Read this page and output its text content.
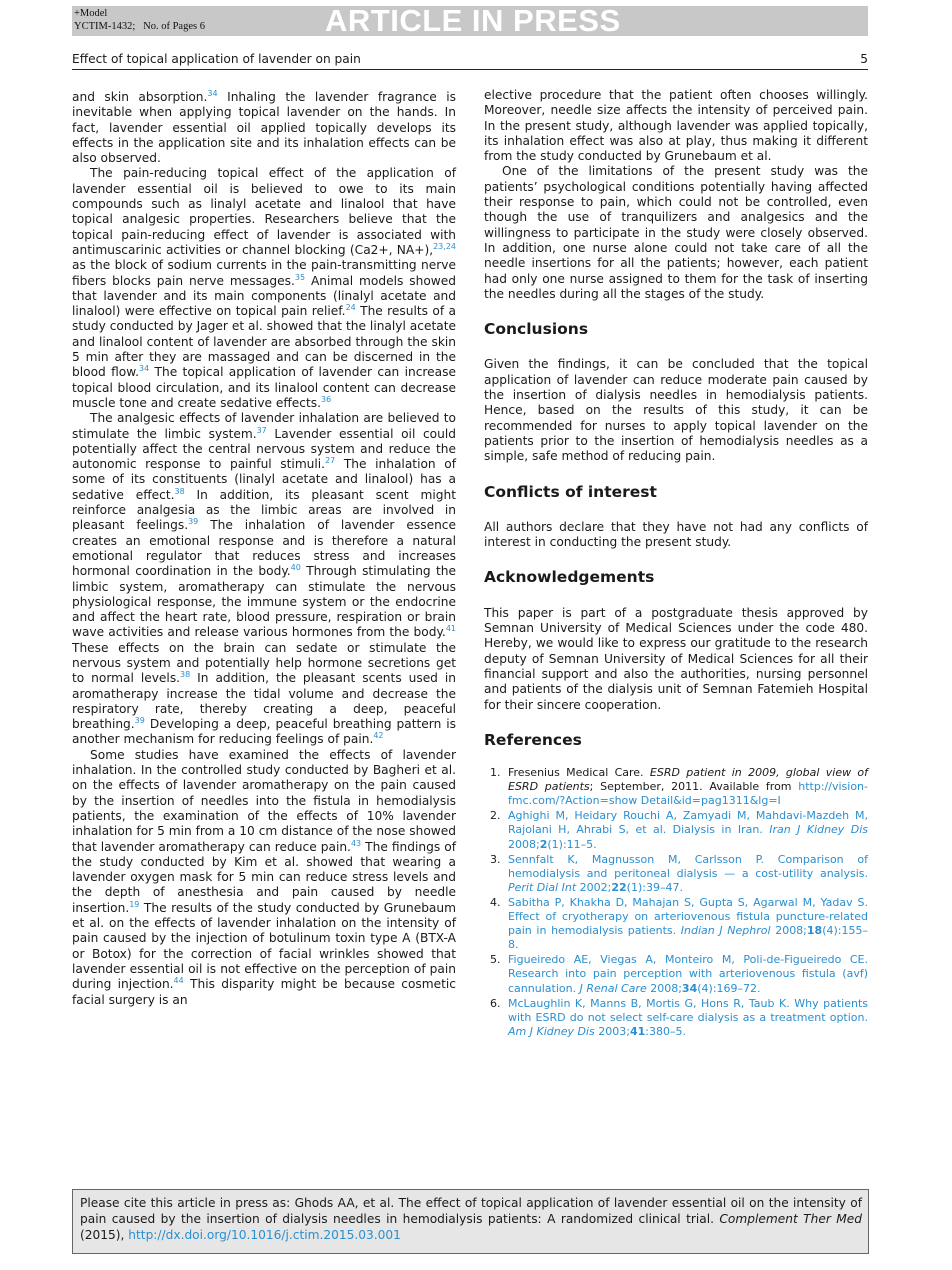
+Model
YCTIM-1432; No. of Pages 6	ARTICLE IN PRESS
Effect of topical application of lavender on pain	5

and skin absorption.$^{34}$ Inhaling the lavender fragrance is inevitable when applying topical lavender on the hands. In fact, lavender essential oil applied topically develops its effects in the application site and its inhalation effects can be also observed.

The pain-reducing topical effect of the application of lavender essential oil is believed to owe to its main compounds such as linalyl acetate and linalool that have topical analgesic properties. Researchers believe that the topical pain-reducing effect of lavender is associated with antimuscarinic activities or channel blocking (Ca2+, NA+),$^{23,24}$ as the block of sodium currents in the pain-transmitting nerve fibers blocks pain nerve messages.$^{35}$ Animal models showed that lavender and its main components (linalyl acetate and linalool) were effective on topical pain relief.$^{24}$ The results of a study conducted by Jager et al. showed that the linalyl acetate and linalool content of lavender are absorbed through the skin 5 min after they are massaged and can be discerned in the blood flow.$^{34}$ The topical application of lavender can increase topical blood circulation, and its linalool content can decrease muscle tone and create sedative effects.$^{36}$

The analgesic effects of lavender inhalation are believed to stimulate the limbic system.$^{37}$ Lavender essential oil could potentially affect the central nervous system and reduce the autonomic response to painful stimuli.$^{27}$ The inhalation of some of its constituents (linalyl acetate and linalool) has a sedative effect.$^{38}$ In addition, its pleasant scent might reinforce analgesia as the limbic areas are involved in pleasant feelings.$^{39}$ The inhalation of lavender essence creates an emotional response and is therefore a natural emotional regulator that reduces stress and increases hormonal coordination in the body.$^{40}$ Through stimulating the limbic system, aromatherapy can stimulate the nervous physiological response, the immune system or the endocrine and affect the heart rate, blood pressure, respiration or brain wave activities and release various hormones from the body.$^{41}$ These effects on the brain can sedate or stimulate the nervous system and potentially help hormone secretions get to normal levels.$^{38}$ In addition, the pleasant scents used in aromatherapy increase the tidal volume and decrease the respiratory rate, thereby creating a deep, peaceful breathing.$^{39}$ Developing a deep, peaceful breathing pattern is another mechanism for reducing feelings of pain.$^{42}$

Some studies have examined the effects of lavender inhalation. In the controlled study conducted by Bagheri et al. on the effects of lavender aromatherapy on the pain caused by the insertion of needles into the fistula in hemodialysis patients, the examination of the effects of 10% lavender inhalation for 5 min from a 10 cm distance of the nose showed that lavender aromatherapy can reduce pain.$^{43}$ The findings of the study conducted by Kim et al. showed that wearing a lavender oxygen mask for 5 min can reduce stress levels and the depth of anesthesia and pain caused by needle insertion.$^{19}$ The results of the study conducted by Grunebaum et al. on the effects of lavender inhalation on the intensity of pain caused by the injection of botulinum toxin type A (BTX-A or Botox) for the correction of facial wrinkles showed that lavender essential oil is not effective on the perception of pain during injection.$^{44}$ This disparity might be because cosmetic facial surgery is an

elective procedure that the patient often chooses willingly. Moreover, needle size affects the intensity of perceived pain. In the present study, although lavender was applied topically, its inhalation effect was also at play, thus making it different from the study conducted by Grunebaum et al.

One of the limitations of the present study was the patients’ psychological conditions potentially having affected their response to pain, which could not be controlled, even though the use of tranquilizers and analgesics and the willingness to participate in the study were closely observed. In addition, one nurse alone could not take care of all the needle insertions for all the patients; however, each patient had only one nurse assigned to them for the task of inserting the needles during all the stages of the study.

Conclusions

Given the findings, it can be concluded that the topical application of lavender can reduce moderate pain caused by the insertion of dialysis needles in hemodialysis patients. Hence, based on the results of this study, it can be recommended for nurses to apply topical lavender on the patients prior to the insertion of hemodialysis needles as a simple, safe method of reducing pain.

Conflicts of interest

All authors declare that they have not had any conflicts of interest in conducting the present study.

Acknowledgements

This paper is part of a postgraduate thesis approved by Semnan University of Medical Sciences under the code 480. Hereby, we would like to express our gratitude to the research deputy of Semnan University of Medical Sciences for all their financial support and also the authorities, nursing personnel and patients of the dialysis unit of Semnan Fatemieh Hospital for their sincere cooperation.

References
1. Fresenius Medical Care. ESRD patient in 2009, global view of ESRD patients; September, 2011. Available from http://vision-fmc.com/?Action=show Detail&id=pag1311&lg=I
2. Aghighi M, Heidary Rouchi A, Zamyadi M, Mahdavi-Mazdeh M, Rajolani H, Ahrabi S, et al. Dialysis in Iran. Iran J Kidney Dis 2008;2(1):11–5.
3. Sennfalt K, Magnusson M, Carlsson P. Comparison of hemodialysis and peritoneal dialysis — a cost-utility analysis. Perit Dial Int 2002;22(1):39–47.
4. Sabitha P, Khakha D, Mahajan S, Gupta S, Agarwal M, Yadav S. Effect of cryotherapy on arteriovenous fistula puncture-related pain in hemodialysis patients. Indian J Nephrol 2008;18(4):155–8.
5. Figueiredo AE, Viegas A, Monteiro M, Poli-de-Figueiredo CE. Research into pain perception with arteriovenous fistula (avf) cannulation. J Renal Care 2008;34(4):169–72.
6. McLaughlin K, Manns B, Mortis G, Hons R, Taub K. Why patients with ESRD do not select self-care dialysis as a treatment option. Am J Kidney Dis 2003;41:380–5.
Please cite this article in press as: Ghods AA, et al. The effect of topical application of lavender essential oil on the intensity of pain caused by the insertion of dialysis needles in hemodialysis patients: A randomized clinical trial. Complement Ther Med (2015), http://dx.doi.org/10.1016/j.ctim.2015.03.001
